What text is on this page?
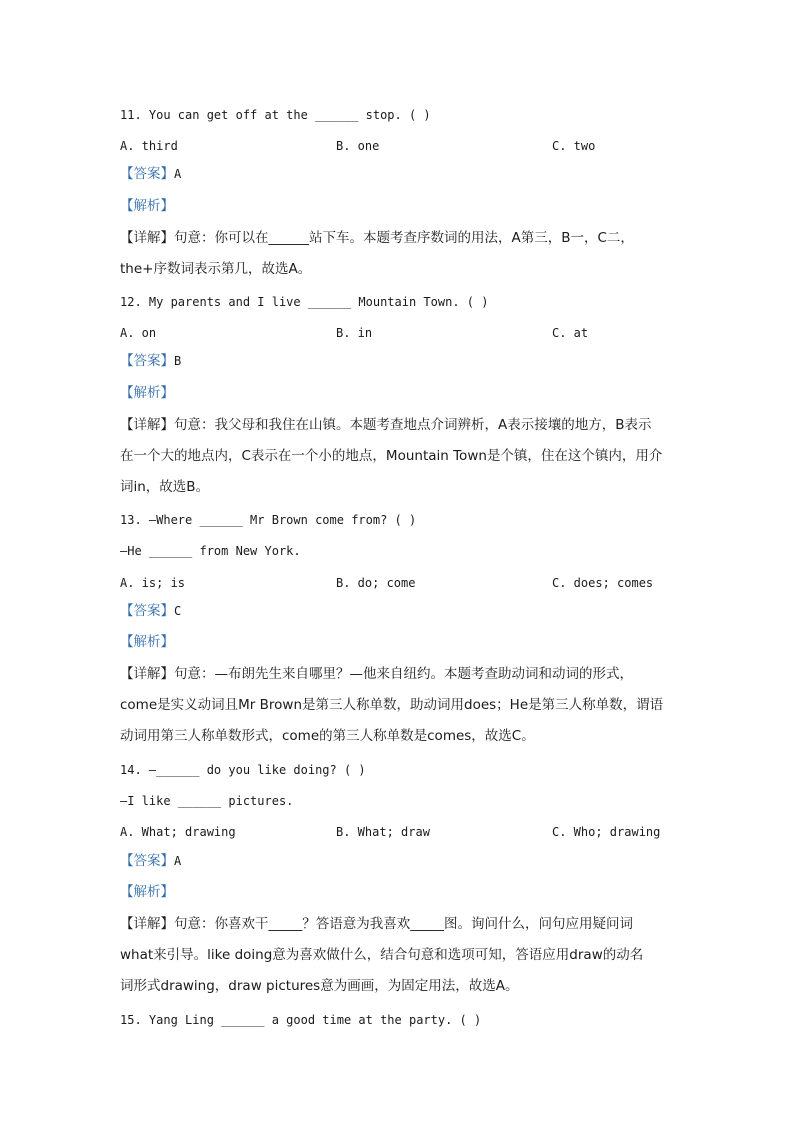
11. You can get off at the ______ stop. ( )
A. third	B. one	C. two
【答案】A
【解析】
【详解】句意：你可以在______站下车。本题考查序数词的用法，A第三，B一，C二，
the+序数词表示第几，故选A。
12. My parents and I live ______ Mountain Town. ( )
A. on	B. in	C. at
【答案】B
【解析】
【详解】句意：我父母和我住在山镇。本题考查地点介词辨析，A表示接壤的地方，B表示
在一个大的地点内，C表示在一个小的地点，Mountain Town是个镇，住在这个镇内，用介
词in，故选B。
13. —Where ______ Mr Brown come from? ( )
—He ______ from New York.
A. is; is	B. do; come	C. does; comes
【答案】C
【解析】
【详解】句意：—布朗先生来自哪里？—他来自纽约。本题考查助动词和动词的形式，
come是实义动词且Mr Brown是第三人称单数，助动词用does；He是第三人称单数，谓语
动词用第三人称单数形式，come的第三人称单数是comes，故选C。
14. —______ do you like doing? ( )
—I like ______ pictures.
A. What; drawing	B. What; draw	C. Who; drawing
【答案】A
【解析】
【详解】句意：你喜欢干_____？答语意为我喜欢_____图。询问什么，问句应用疑问词
what来引导。like doing意为喜欢做什么，结合句意和选项可知，答语应用draw的动名
词形式drawing，draw pictures意为画画，为固定用法，故选A。
15. Yang Ling ______ a good time at the party. ( )
